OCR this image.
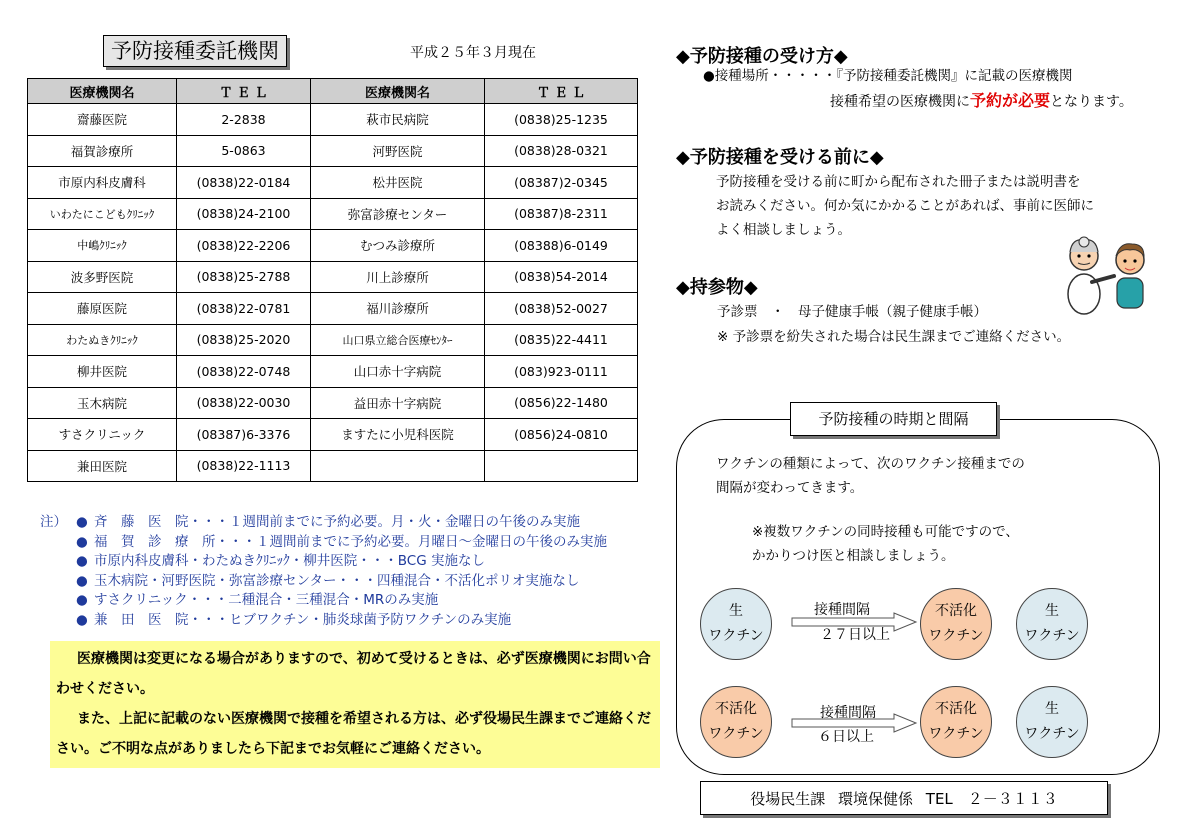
予防接種委託機関	平成２５年３月現在
医療機関名	Ｔ Ｅ Ｌ	医療機関名	Ｔ Ｅ Ｌ
齋藤医院	2-2838	萩市民病院	(0838)25-1235
福賀診療所	5-0863	河野医院	(0838)28-0321
市原内科皮膚科	(0838)22-0184	松井医院	(08387)2-0345
いわたにこどもｸﾘﾆｯｸ	(0838)24-2100	弥富診療センター	(08387)8-2311
中嶋ｸﾘﾆｯｸ	(0838)22-2206	むつみ診療所	(08388)6-0149
波多野医院	(0838)25-2788	川上診療所	(0838)54-2014
藤原医院	(0838)22-0781	福川診療所	(0838)52-0027
わたぬきｸﾘﾆｯｸ	(0838)25-2020	山口県立総合医療ｾﾝﾀｰ	(0835)22-4411
柳井医院	(0838)22-0748	山口赤十字病院	(083)923-0111
玉木病院	(0838)22-0030	益田赤十字病院	(0856)22-1480
すさクリニック	(08387)6-3376	ますたに小児科医院	(0856)24-0810
兼田医院	(0838)22-1113		
注） ● 斉　藤　医　院・・・１週間前までに予約必要。月・火・金曜日の午後のみ実施
● 福　賀　診　療　所・・・１週間前までに予約必要。月曜日～金曜日の午後のみ実施
● 市原内科皮膚科・わたぬきｸﾘﾆｯｸ・柳井医院・・・BCG 実施なし
● 玉木病院・河野医院・弥富診療センター・・・四種混合・不活化ポリオ実施なし
● すさクリニック・・・二種混合・三種混合・MRのみ実施
● 兼　田　医　院・・・ヒブワクチン・肺炎球菌予防ワクチンのみ実施

医療機関は変更になる場合がありますので、初めて受けるときは、必ず医療機関にお問い合わせください。

また、上記に記載のない医療機関で接種を希望される方は、必ず役場民生課までご連絡ください。ご不明な点がありましたら下記までお気軽にご連絡ください。

◆予防接種の受け方◆
●接種場所・・・・・『予防接種委託機関』に記載の医療機関
接種希望の医療機関に予約が必要となります。
◆予防接種を受ける前に◆
予防接種を受ける前に町から配布された冊子または説明書を
お読みください。何か気にかかることがあれば、事前に医師に
よく相談しましょう。
◆持参物◆
予診票　・　母子健康手帳（親子健康手帳）
※ 予診票を紛失された場合は民生課までご連絡ください。
予防接種の時期と間隔
ワクチンの種類によって、次のワクチン接種までの
間隔が変わってきます。
※複数ワクチンの同時接種も可能ですので、
かかりつけ医と相談しましょう。
生
ワクチン
接種間隔
２７日以上
不活化
ワクチン
生
ワクチン
不活化
ワクチン
接種間隔
６日以上
不活化
ワクチン
生
ワクチン
役場民生課 環境保健係 TEL　２－３１１３
